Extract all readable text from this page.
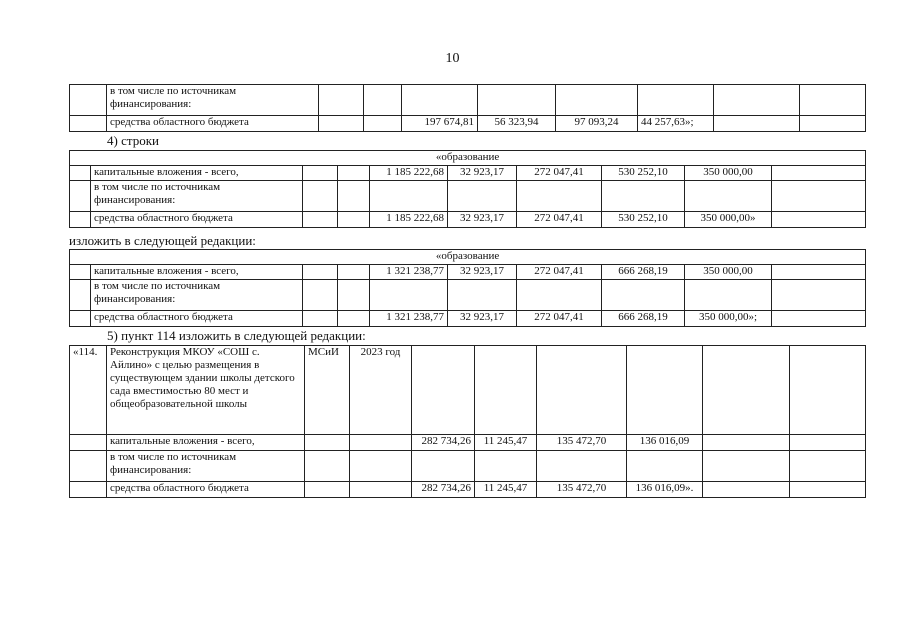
10
	в том числе по источникам финансирования:								
	средства областного бюджета			197 674,81	56 323,94	97 093,24	44 257,63»;		
4) строки
«образование									
	капитальные вложения - всего,			1 185 222,68	32 923,17	272 047,41	530 252,10	350 000,00	
	в том числе по источникам финансирования:								
	средства областного бюджета			1 185 222,68	32 923,17	272 047,41	530 252,10	350 000,00»	
изложить в следующей редакции:
«образование									
	капитальные вложения - всего,			1 321 238,77	32 923,17	272 047,41	666 268,19	350 000,00	
	в том числе по источникам финансирования:								
	средства областного бюджета			1 321 238,77	32 923,17	272 047,41	666 268,19	350 000,00»;	
5) пункт 114 изложить в следующей редакции:
«114.	Реконструкция МКОУ «СОШ с. Айлино» с целью размещения в существующем здании школы детского сада вместимостью 80 мест и общеобразовательной школы	МСиИ	2023 год						
	капитальные вложения - всего,			282 734,26	11 245,47	135 472,70	136 016,09		
	в том числе по источникам финансирования:								
	средства областного бюджета			282 734,26	11 245,47	135 472,70	136 016,09».		
